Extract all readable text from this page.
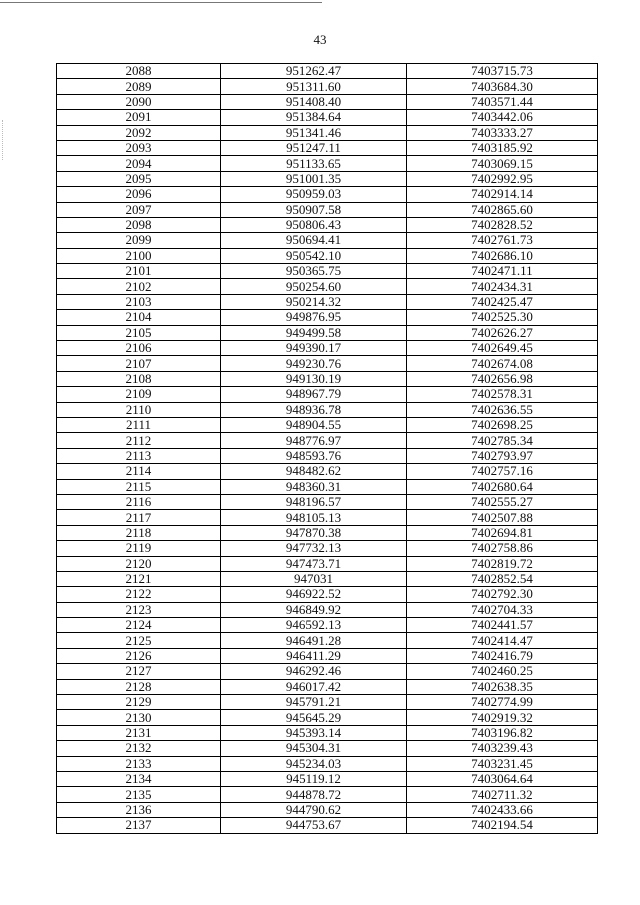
43
2088	951262.47	7403715.73
2089	951311.60	7403684.30
2090	951408.40	7403571.44
2091	951384.64	7403442.06
2092	951341.46	7403333.27
2093	951247.11	7403185.92
2094	951133.65	7403069.15
2095	951001.35	7402992.95
2096	950959.03	7402914.14
2097	950907.58	7402865.60
2098	950806.43	7402828.52
2099	950694.41	7402761.73
2100	950542.10	7402686.10
2101	950365.75	7402471.11
2102	950254.60	7402434.31
2103	950214.32	7402425.47
2104	949876.95	7402525.30
2105	949499.58	7402626.27
2106	949390.17	7402649.45
2107	949230.76	7402674.08
2108	949130.19	7402656.98
2109	948967.79	7402578.31
2110	948936.78	7402636.55
2111	948904.55	7402698.25
2112	948776.97	7402785.34
2113	948593.76	7402793.97
2114	948482.62	7402757.16
2115	948360.31	7402680.64
2116	948196.57	7402555.27
2117	948105.13	7402507.88
2118	947870.38	7402694.81
2119	947732.13	7402758.86
2120	947473.71	7402819.72
2121	947031	7402852.54
2122	946922.52	7402792.30
2123	946849.92	7402704.33
2124	946592.13	7402441.57
2125	946491.28	7402414.47
2126	946411.29	7402416.79
2127	946292.46	7402460.25
2128	946017.42	7402638.35
2129	945791.21	7402774.99
2130	945645.29	7402919.32
2131	945393.14	7403196.82
2132	945304.31	7403239.43
2133	945234.03	7403231.45
2134	945119.12	7403064.64
2135	944878.72	7402711.32
2136	944790.62	7402433.66
2137	944753.67	7402194.54
